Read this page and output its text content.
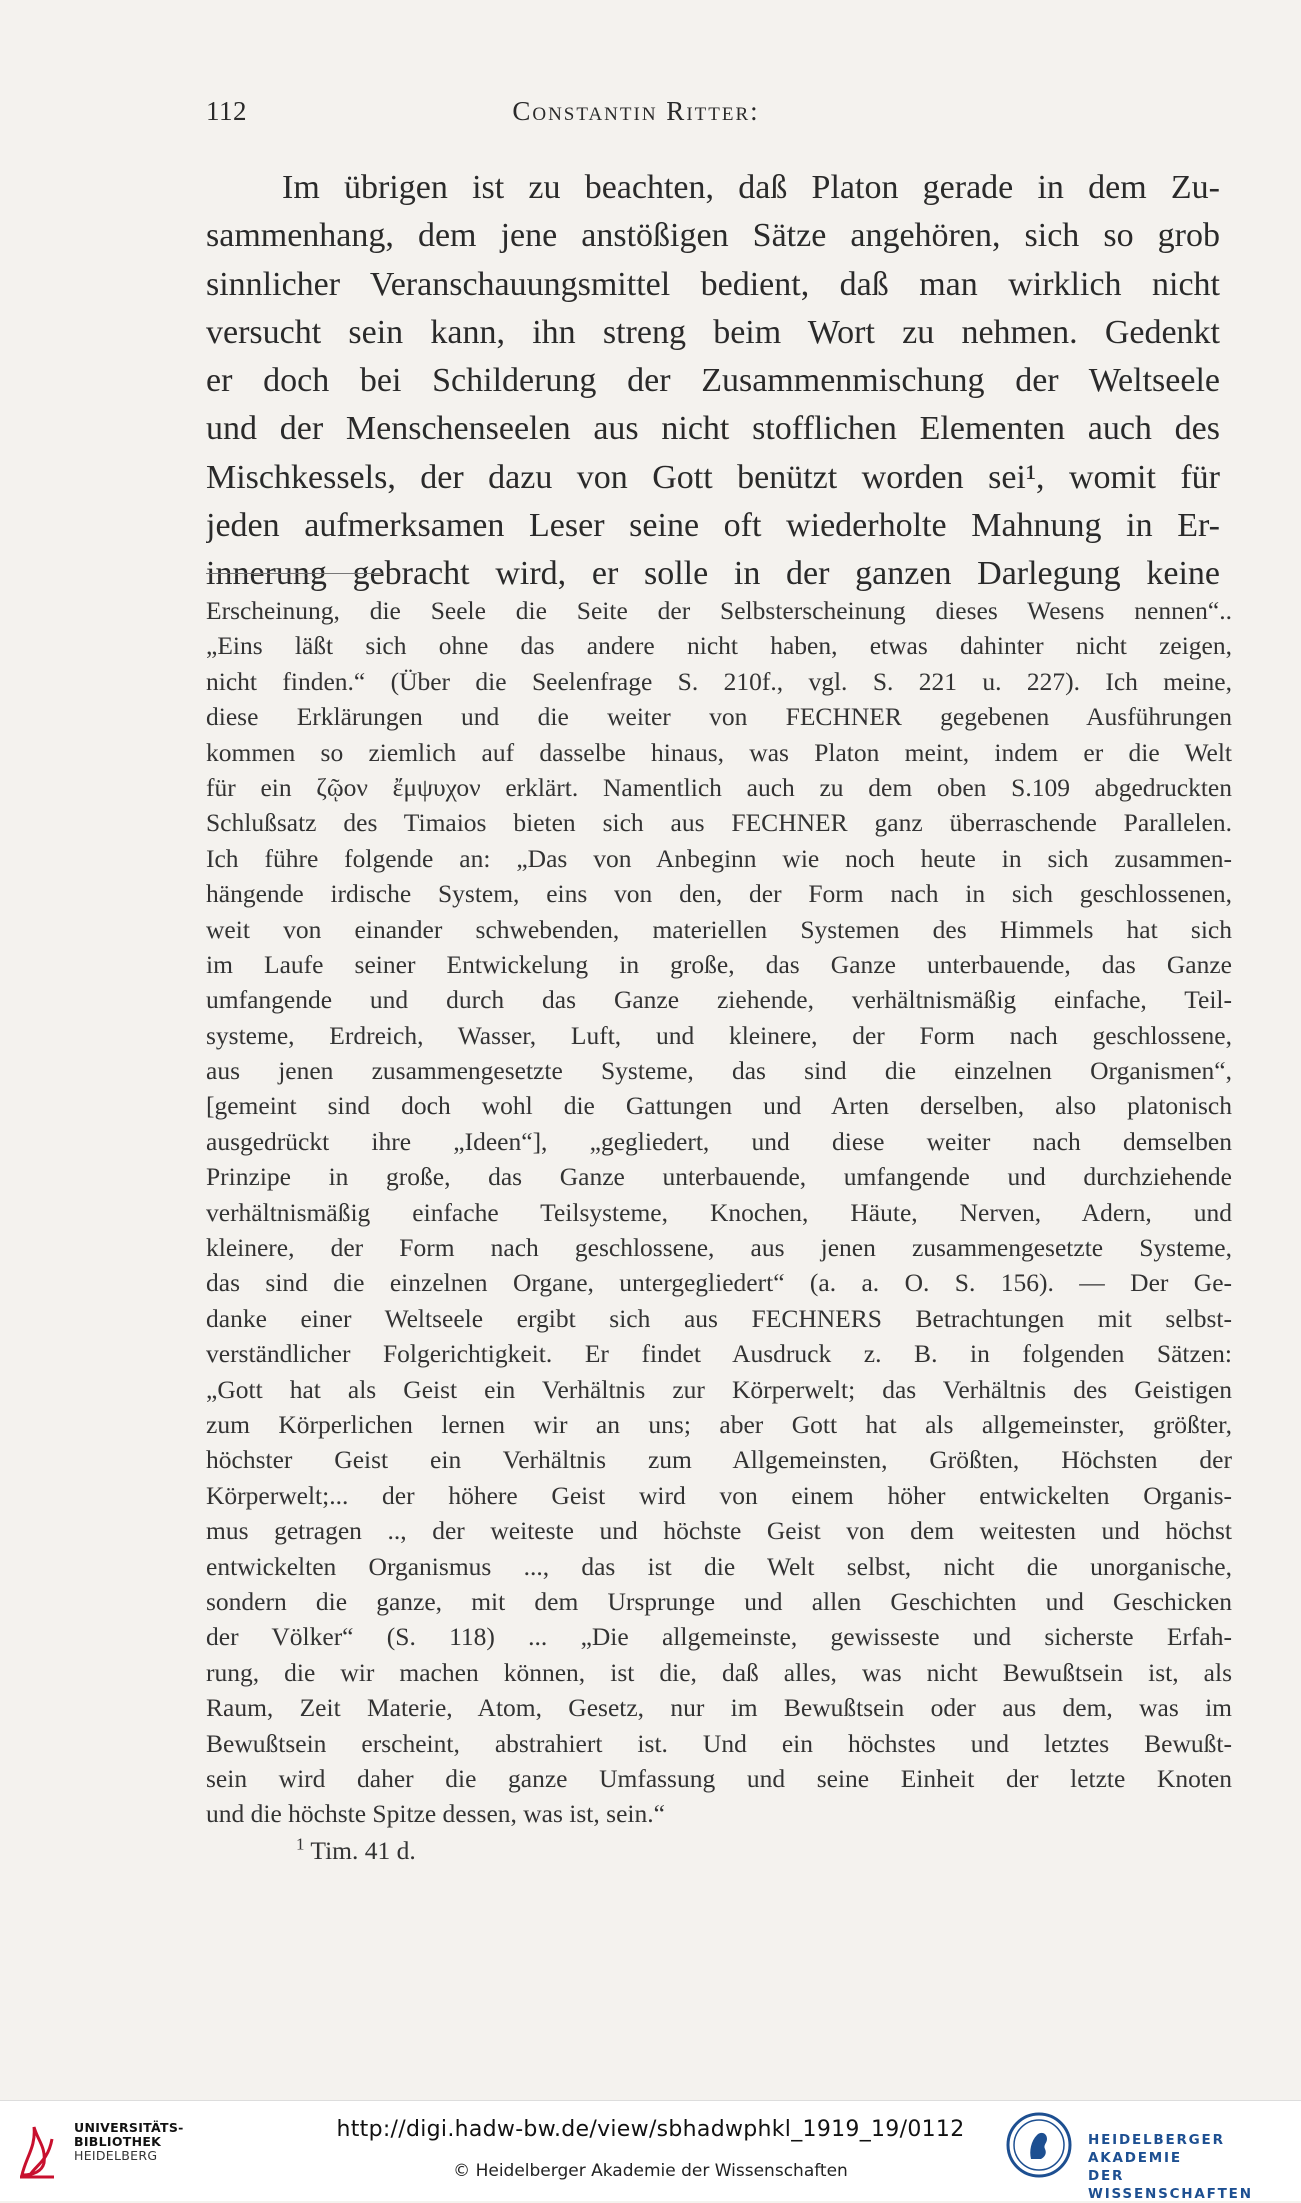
112	Constantin Ritter:
Im übrigen ist zu beachten, daß Platon gerade in dem Zu-
sammenhang, dem jene anstößigen Sätze angehören, sich so grob
sinnlicher Veranschauungsmittel bedient, daß man wirklich nicht
versucht sein kann, ihn streng beim Wort zu nehmen. Gedenkt
er doch bei Schilderung der Zusammenmischung der Weltseele
und der Menschenseelen aus nicht stofflichen Elementen auch des
Mischkessels, der dazu von Gott benützt worden sei¹, womit für
jeden aufmerksamen Leser seine oft wiederholte Mahnung in Er-
innerung gebracht wird, er solle in der ganzen Darlegung keine
Erscheinung, die Seele die Seite der Selbsterscheinung dieses Wesens nennen“..
„Eins läßt sich ohne das andere nicht haben, etwas dahinter nicht zeigen,
nicht finden.“ (Über die Seelenfrage S. 210f., vgl. S. 221 u. 227). Ich meine,
diese Erklärungen und die weiter von FECHNER gegebenen Ausführungen
kommen so ziemlich auf dasselbe hinaus, was Platon meint, indem er die Welt
für ein ζῷον ἔμψυχον erklärt. Namentlich auch zu dem oben S.109 abgedruckten
Schlußsatz des Timaios bieten sich aus FECHNER ganz überraschende Parallelen.
Ich führe folgende an: „Das von Anbeginn wie noch heute in sich zusammen-
hängende irdische System, eins von den, der Form nach in sich geschlossenen,
weit von einander schwebenden, materiellen Systemen des Himmels hat sich
im Laufe seiner Entwickelung in große, das Ganze unterbauende, das Ganze
umfangende und durch das Ganze ziehende, verhältnismäßig einfache, Teil-
systeme, Erdreich, Wasser, Luft, und kleinere, der Form nach geschlossene,
aus jenen zusammengesetzte Systeme, das sind die einzelnen Organismen“,
[gemeint sind doch wohl die Gattungen und Arten derselben, also platonisch
ausgedrückt ihre „Ideen“], „gegliedert, und diese weiter nach demselben
Prinzipe in große, das Ganze unterbauende, umfangende und durchziehende
verhältnismäßig einfache Teilsysteme, Knochen, Häute, Nerven, Adern, und
kleinere, der Form nach geschlossene, aus jenen zusammengesetzte Systeme,
das sind die einzelnen Organe, untergegliedert“ (a. a. O. S. 156). — Der Ge-
danke einer Weltseele ergibt sich aus FECHNERS Betrachtungen mit selbst-
verständlicher Folgerichtigkeit. Er findet Ausdruck z. B. in folgenden Sätzen:
„Gott hat als Geist ein Verhältnis zur Körperwelt; das Verhältnis des Geistigen
zum Körperlichen lernen wir an uns; aber Gott hat als allgemeinster, größter,
höchster Geist ein Verhältnis zum Allgemeinsten, Größten, Höchsten der
Körperwelt;... der höhere Geist wird von einem höher entwickelten Organis-
mus getragen .., der weiteste und höchste Geist von dem weitesten und höchst
entwickelten Organismus ..., das ist die Welt selbst, nicht die unorganische,
sondern die ganze, mit dem Ursprunge und allen Geschichten und Geschicken
der Völker“ (S. 118) ... „Die allgemeinste, gewisseste und sicherste Erfah-
rung, die wir machen können, ist die, daß alles, was nicht Bewußtsein ist, als
Raum, Zeit Materie, Atom, Gesetz, nur im Bewußtsein oder aus dem, was im
Bewußtsein erscheint, abstrahiert ist. Und ein höchstes und letztes Bewußt-
sein wird daher die ganze Umfassung und seine Einheit der letzte Knoten
und die höchste Spitze dessen, was ist, sein.“
$^1$ Tim. 41 d.
UNIVERSITÄTS-
BIBLIOTHEK
HEIDELBERG
http://digi.hadw-bw.de/view/sbhadwphkl_1919_19/0112
© Heidelberger Akademie der Wissenschaften
HEIDELBERGER AKADEMIE
DER WISSENSCHAFTEN
